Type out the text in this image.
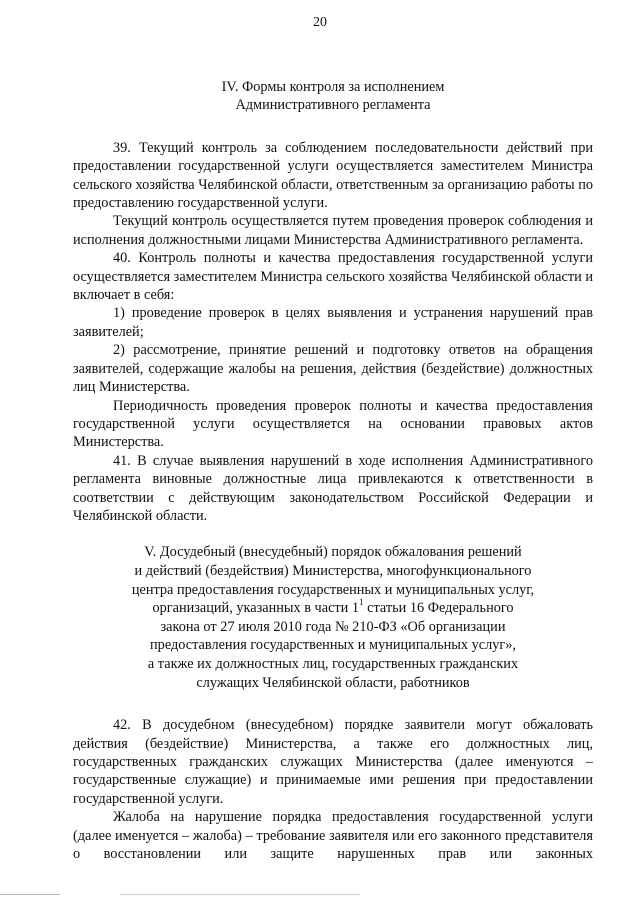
20
IV. Формы контроля за исполнением
Административного регламента

39. Текущий контроль за соблюдением последовательности действий при предоставлении государственной услуги осуществляется заместителем Министра сельского хозяйства Челябинской области, ответственным за организацию работы по предоставлению государственной услуги.

Текущий контроль осуществляется путем проведения проверок соблюдения и исполнения должностными лицами Министерства Административного регламента.

40. Контроль полноты и качества предоставления государственной услуги осуществляется заместителем Министра сельского хозяйства Челябинской области и включает в себя:

1) проведение проверок в целях выявления и устранения нарушений прав заявителей;

2) рассмотрение, принятие решений и подготовку ответов на обращения заявителей, содержащие жалобы на решения, действия (бездействие) должностных лиц Министерства.

Периодичность проведения проверок полноты и качества предоставления государственной услуги осуществляется на основании правовых актов Министерства.

41. В случае выявления нарушений в ходе исполнения Административного регламента виновные должностные лица привлекаются к ответственности в соответствии с действующим законодательством Российской Федерации и Челябинской области.

V. Досудебный (внесудебный) порядок обжалования решений
и действий (бездействия) Министерства, многофункционального
центра предоставления государственных и муниципальных услуг,
организаций, указанных в части $1^1$ статьи 16 Федерального
закона от 27 июля 2010 года № 210-ФЗ «Об организации
предоставления государственных и муниципальных услуг»,
а также их должностных лиц, государственных гражданских
служащих Челябинской области, работников

42. В досудебном (внесудебном) порядке заявители могут обжаловать действия (бездействие) Министерства, а также его должностных лиц, государственных гражданских служащих Министерства (далее именуются – государственные служащие) и принимаемые ими решения при предоставлении государственной услуги.

Жалоба на нарушение порядка предоставления государственной услуги (далее именуется – жалоба) – требование заявителя или его законного представителя о восстановлении или защите нарушенных прав или законных
